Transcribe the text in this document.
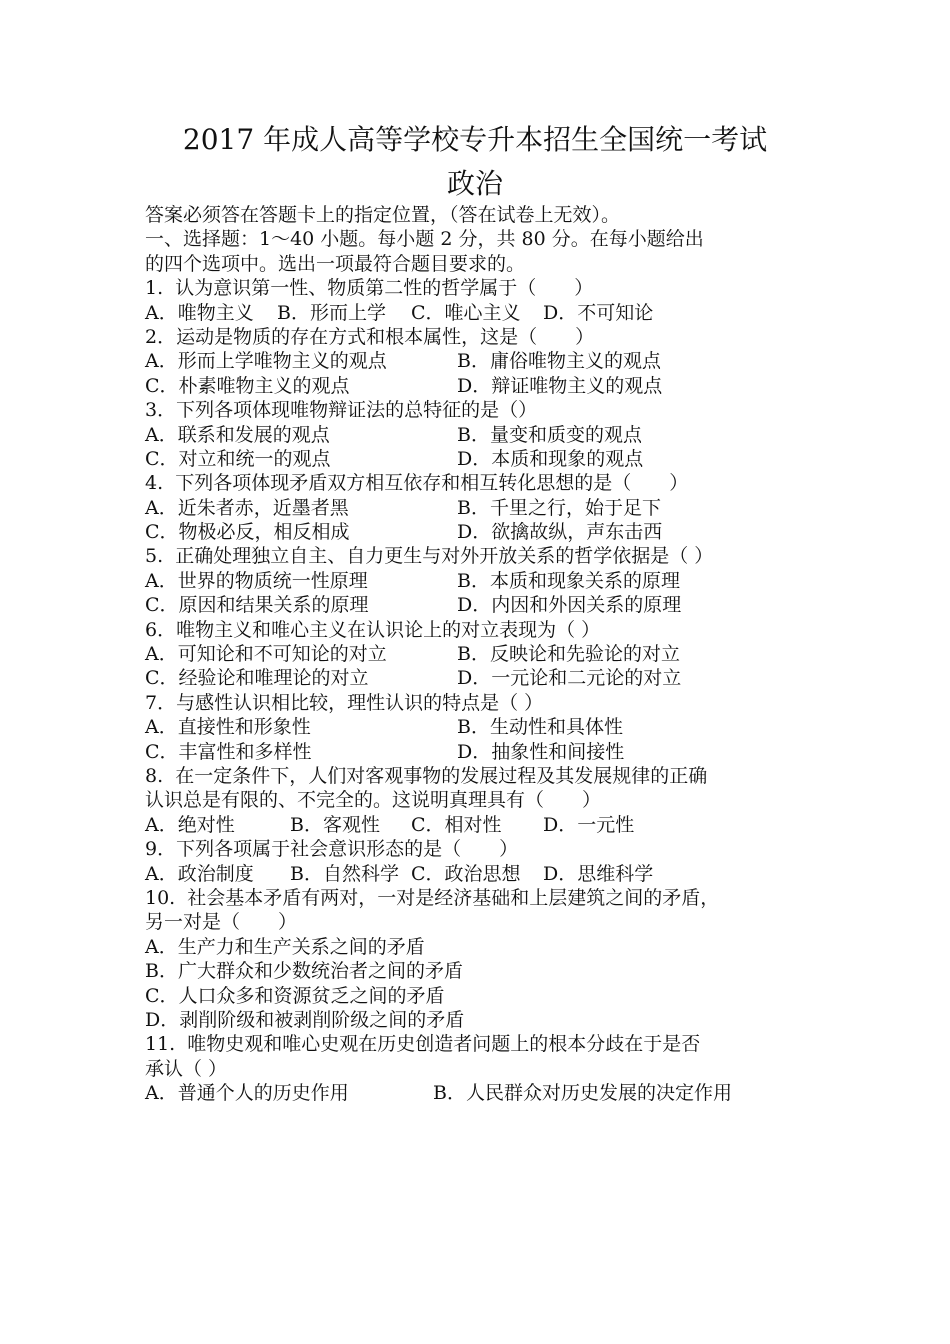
2017 年成人高等学校专升本招生全国统一考试
政治
答案必须答在答题卡上的指定位置，（答在试卷上无效）。
一、选择题：1～40 小题。每小题 2 分，共 80 分。在每小题给出
的四个选项中。选出一项最符合题目要求的。
1.  认为意识第一性、物质第二性的哲学属于（　　）
A．唯物主义 B．形而上学 C．唯心主义 D．不可知论
2．运动是物质的存在方式和根本属性，这是（　　）
A．形而上学唯物主义的观点	B．庸俗唯物主义的观点
C．朴素唯物主义的观点	D．辩证唯物主义的观点
3．下列各项体现唯物辩证法的总特征的是（）
A．联系和发展的观点	B．量变和质变的观点
C．对立和统一的观点	D．本质和现象的观点
4.  下列各项体现矛盾双方相互依存和相互转化思想的是（　　）
A．近朱者赤，近墨者黑	B．千里之行，始于足下
C．物极必反，相反相成	D．欲擒故纵，声东击西
5.  正确处理独立自主、自力更生与对外开放关系的哲学依据是（ ）
A．世界的物质统一性原理	B．本质和现象关系的原理
C．原因和结果关系的原理	D．内因和外因关系的原理
6．唯物主义和唯心主义在认识论上的对立表现为（ ）
A．可知论和不可知论的对立	B．反映论和先验论的对立
C．经验论和唯理论的对立	D．一元论和二元论的对立
7．与感性认识相比较，理性认识的特点是（ ）
A．直接性和形象性	B．生动性和具体性
C．丰富性和多样性	D．抽象性和间接性
8.  在一定条件下，人们对客观事物的发展过程及其发展规律的正确
认识总是有限的、不完全的。这说明真理具有（　　）
A．绝对性	B．客观性 C．相对性 D．一元性
9．下列各项属于社会意识形态的是（　　）
A．政治制度 B．自然科学 C．政治思想 D．思维科学
10.  社会基本矛盾有两对，一对是经济基础和上层建筑之间的矛盾，
另一对是（　　）
A．生产力和生产关系之间的矛盾
B．广大群众和少数统治者之间的矛盾
C．人口众多和资源贫乏之间的矛盾
D．剥削阶级和被剥削阶级之间的矛盾
11.  唯物史观和唯心史观在历史创造者问题上的根本分歧在于是否
承认（ ）
A．普通个人的历史作用	B．人民群众对历史发展的决定作用
